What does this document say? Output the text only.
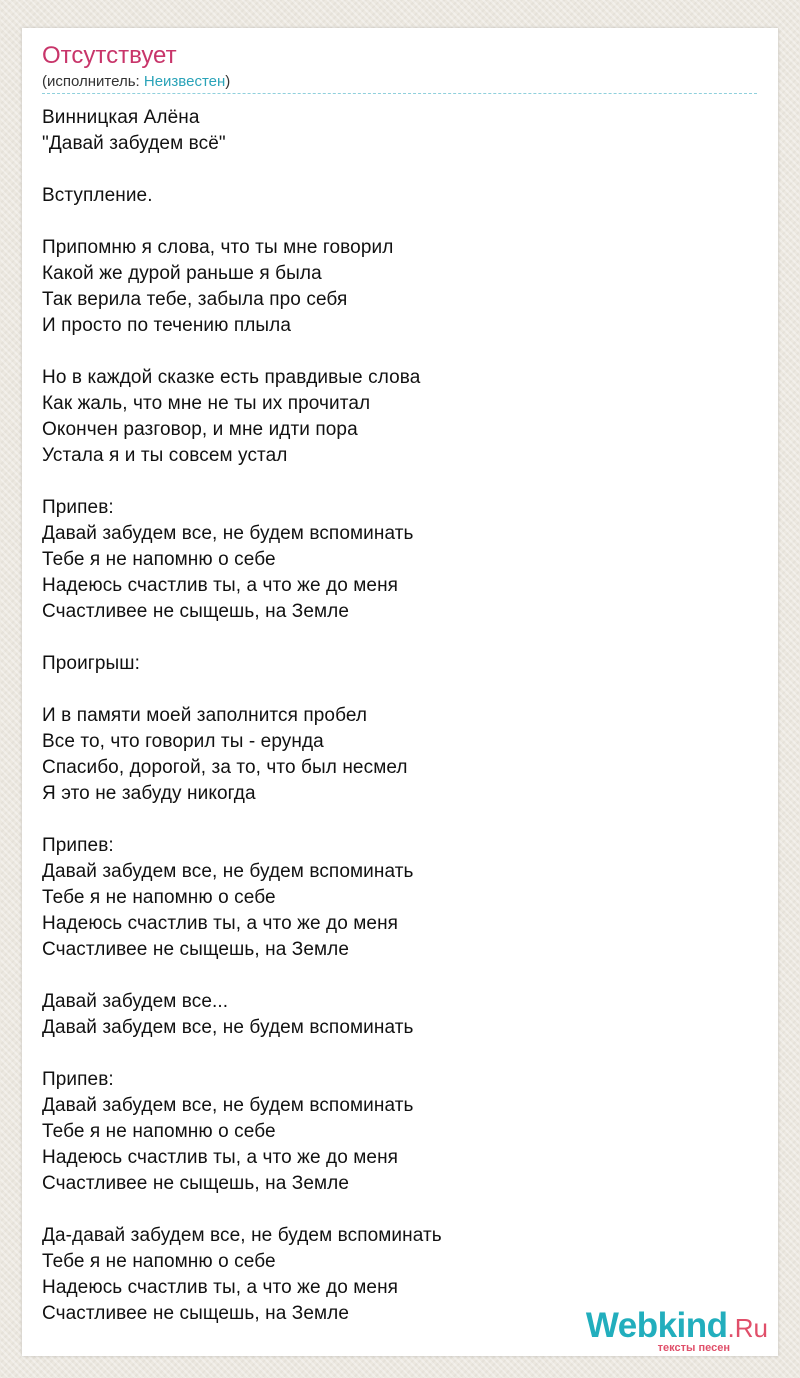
Отсутствует
(исполнитель: Неизвестен)
Винницкая Алёна
"Давай забудем всё"
Вступление.
Припомню я слова, что ты мне говорил
Какой же дурой раньше я была
Так верила тебе, забыла про себя
И просто по течению плыла
Но в каждой сказке есть правдивые слова
Как жаль, что мне не ты их прочитал
Окончен разговор, и мне идти пора
Устала я и ты совсем устал
Припев:
Давай забудем все, не будем вспоминать
Тебе я не напомню о себе
Надеюсь счастлив ты, а что же до меня
Счастливее не сыщешь, на Земле
Проигрыш:
И в памяти моей заполнится пробел
Все то, что говорил ты - ерунда
Спасибо, дорогой, за то, что был несмел
Я это не забуду никогда
Припев:
Давай забудем все, не будем вспоминать
Тебе я не напомню о себе
Надеюсь счастлив ты, а что же до меня
Счастливее не сыщешь, на Земле
Давай забудем все...
Давай забудем все, не будем вспоминать
Припев:
Давай забудем все, не будем вспоминать
Тебе я не напомню о себе
Надеюсь счастлив ты, а что же до меня
Счастливее не сыщешь, на Земле
Да-давай забудем все, не будем вспоминать
Тебе я не напомню о себе
Надеюсь счастлив ты, а что же до меня
Счастливее не сыщешь, на Земле	Webkind.Ru
тексты песен
